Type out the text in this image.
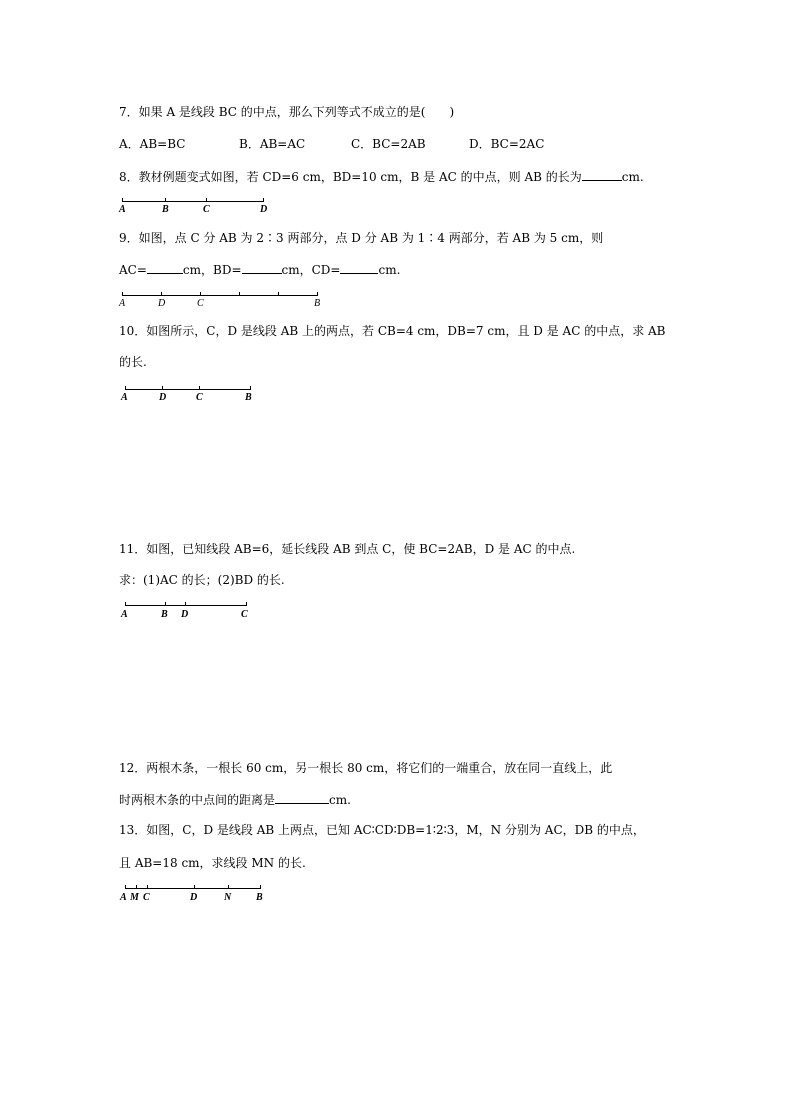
7．如果 A 是线段 BC 的中点，那么下列等式不成立的是(　　)
A．AB=BC	B．AB=AC	C．BC=2AB	D．BC=2AC
8．教材例题变式如图，若 CD=6 cm，BD=10 cm，B 是 AC 的中点，则 AB 的长为	cm.
A	B	C	D
9．如图，点 C 分 AB 为 2∶3 两部分，点 D 分 AB 为 1∶4 两部分，若 AB 为 5 cm，则
AC=	cm，BD=	cm，CD=	cm.
A	D	C	B
10．如图所示，C，D 是线段 AB 上的两点，若 CB=4 cm，DB=7 cm，且 D 是 AC 的中点，求 AB
的长.
A	D	C	B
11．如图，已知线段 AB=6，延长线段 AB 到点 C，使 BC=2AB，D 是 AC 的中点.
求：(1)AC 的长；(2)BD 的长.
A	B D	C
12．两根木条，一根长 60 cm，另一根长 80 cm，将它们的一端重合，放在同一直线上，此
时两根木条的中点间的距离是	cm.
13．如图，C，D 是线段 AB 上两点，已知 AC∶CD∶DB=1∶2∶3，M，N 分别为 AC，DB 的中点，
且 AB=18 cm，求线段 MN 的长.
A M C	D	N B
